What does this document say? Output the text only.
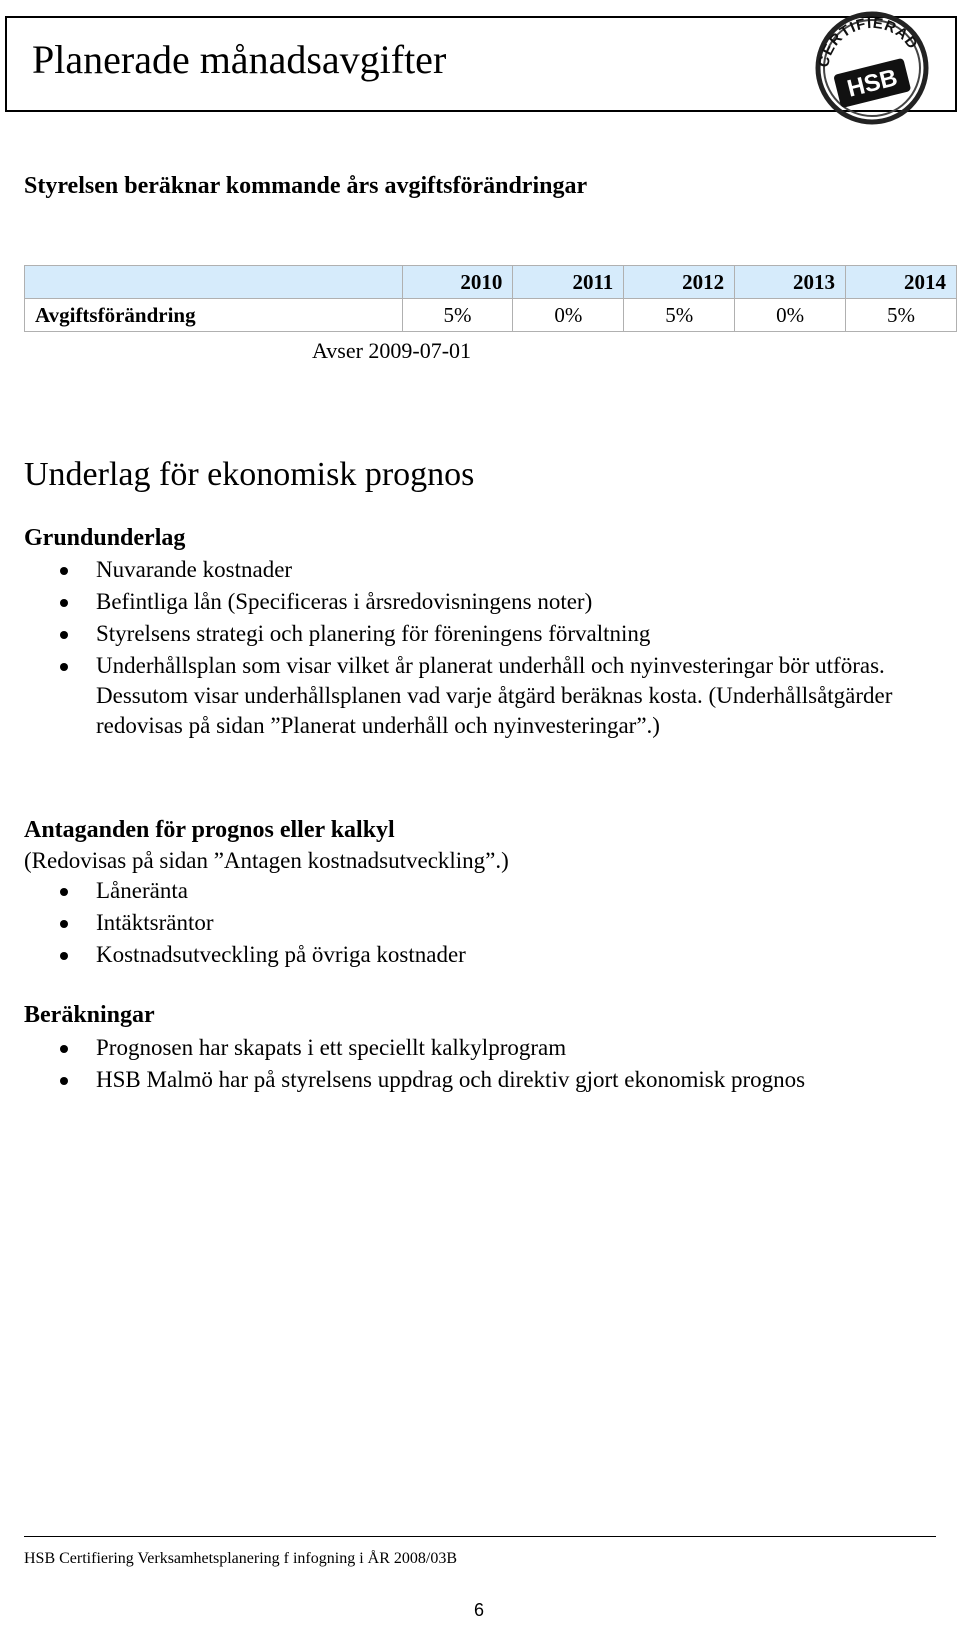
Planerade månadsavgifter	CERTIFIERAD
HSB
Styrelsen beräknar kommande års avgiftsförändringar
	2010	2011	2012	2013	2014
Avgiftsförändring	5%	0%	5%	0%	5%
Avser 2009-07-01
Underlag för ekonomisk prognos
Grundunderlag
Nuvarande kostnader
Befintliga lån (Specificeras i årsredovisningens noter)
Styrelsens strategi och planering för föreningens förvaltning
Underhållsplan som visar vilket år planerat underhåll och nyinvesteringar bör utföras. Dessutom visar underhållsplanen vad varje åtgärd beräknas kosta. (Underhållsåtgärder redovisas på sidan ”Planerat underhåll och nyinvesteringar”.)
Antaganden för prognos eller kalkyl
(Redovisas på sidan ”Antagen kostnadsutveckling”.)
Låneränta
Intäktsräntor
Kostnadsutveckling på övriga kostnader
Beräkningar
Prognosen har skapats i ett speciellt kalkylprogram
HSB Malmö har på styrelsens uppdrag och direktiv gjort ekonomisk prognos
HSB Certifiering Verksamhetsplanering f infogning i ÅR 2008/03B
6
